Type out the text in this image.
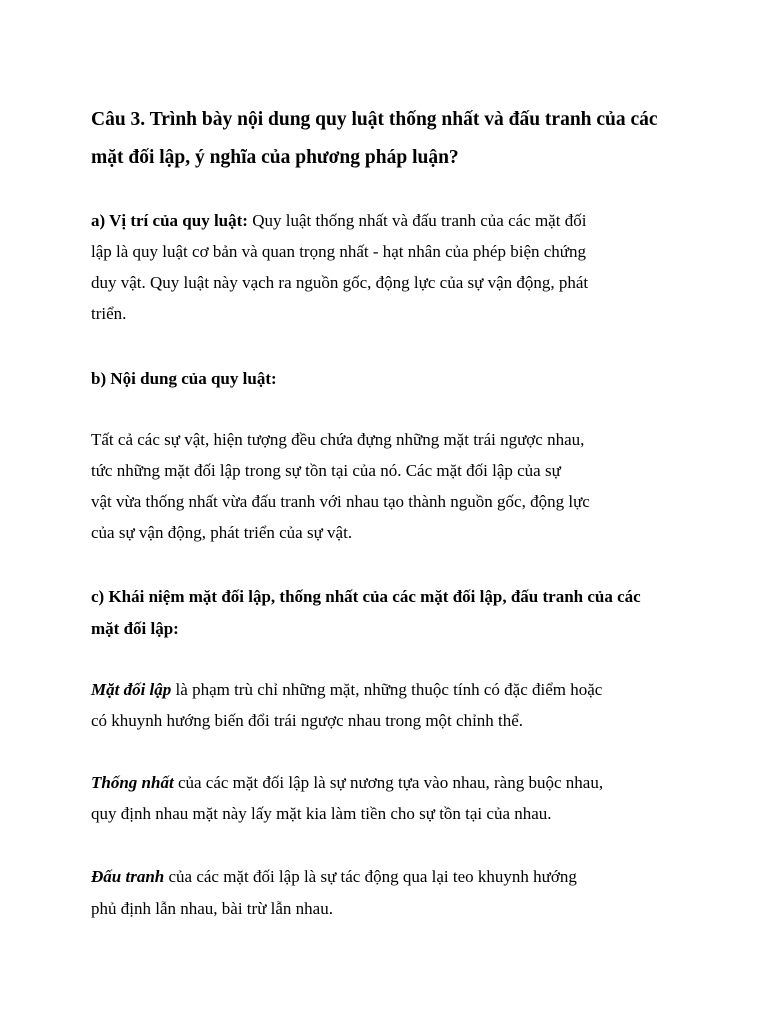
Câu 3. Trình bày nội dung quy luật thống nhất và đấu tranh của các
mặt đối lập, ý nghĩa của phương pháp luận?
a) Vị trí của quy luật: Quy luật thống nhất và đấu tranh của các mặt đối
lập là quy luật cơ bản và quan trọng nhất - hạt nhân của phép biện chứng
duy vật. Quy luật này vạch ra nguồn gốc, động lực của sự vận động, phát
triển.
b) Nội dung của quy luật:
Tất cả các sự vật, hiện tượng đều chứa đựng những mặt trái ngược nhau,
tức những mặt đối lập trong sự tồn tại của nó. Các mặt đối lập của sự
vật vừa thống nhất vừa đấu tranh với nhau tạo thành nguồn gốc, động lực
của sự vận động, phát triển của sự vật.
c) Khái niệm mặt đối lập, thống nhất của các mặt đối lập, đấu tranh của các
mặt đối lập:
Mặt đối lập là phạm trù chỉ những mặt, những thuộc tính có đặc điểm hoặc
có khuynh hướng biến đổi trái ngược nhau trong một chỉnh thể.
Thống nhất của các mặt đối lập là sự nương tựa vào nhau, ràng buộc nhau,
quy định nhau mặt này lấy mặt kia làm tiền cho sự tồn tại của nhau.
Đấu tranh của các mặt đối lập là sự tác động qua lại teo khuynh hướng
phủ định lẫn nhau, bài trừ lẫn nhau.
